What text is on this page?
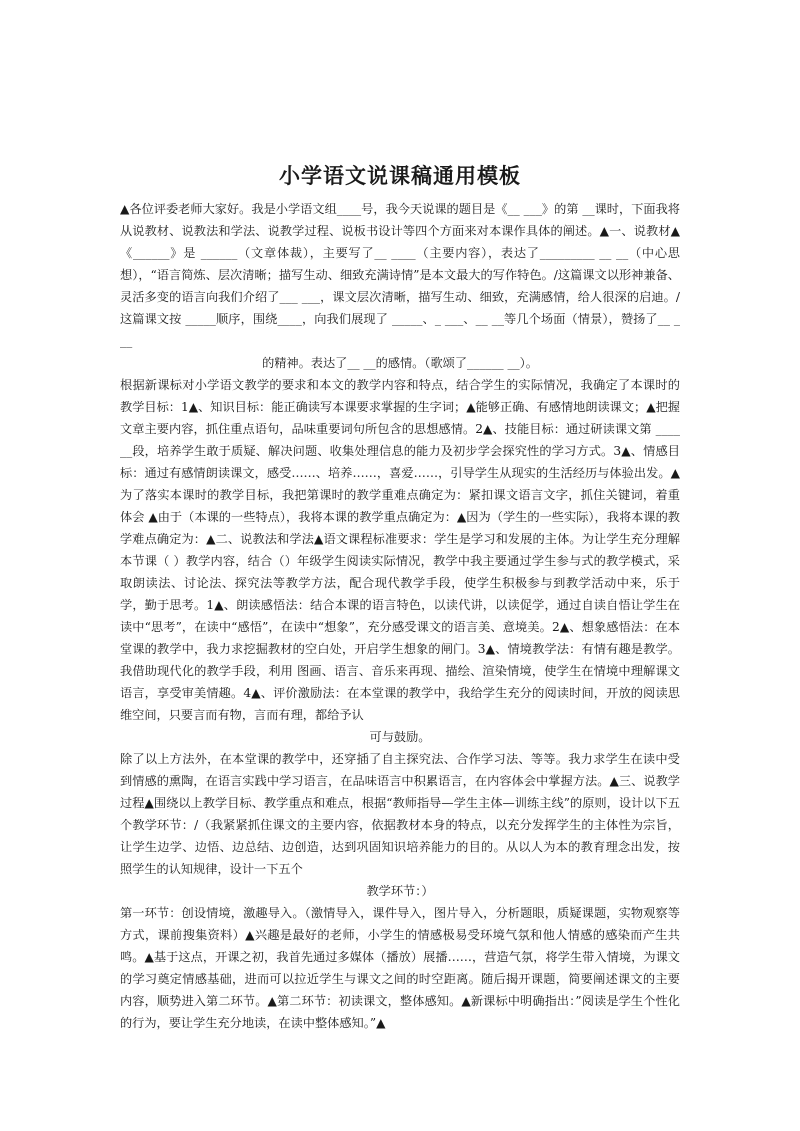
小学语文说课稿通用模板

▲各位评委老师大家好。我是小学语文组____号，我今天说课的题目是《__ ___》的第 __课时，下面我将从说教材、说教法和学法、说教学过程、说板书设计等四个方面来对本课作具体的阐述。▲一、说教材▲《______》是 ______（文章体裁），主要写了__ ____（主要内容），表达了_________ __ __（中心思想），“语言简炼、层次清晰；描写生动、细致充满诗情”是本文最大的写作特色。/这篇课文以形神兼备、灵活多变的语言向我们介绍了___ ___，课文层次清晰，描写生动、细致，充满感情，给人很深的启迪。/这篇课文按 _____顺序，围绕____，向我们展现了 _____、_ ___、__ __等几个场面（情景），赞扬了__ ___
的精神。表达了__ __的感情。（歌颂了______ __）。

根据新课标对小学语文教学的要求和本文的教学内容和特点，结合学生的实际情况，我确定了本课时的教学目标：1▲、知识目标：能正确读写本课要求掌握的生字词；▲能够正确、有感情地朗读课文；▲把握文章主要内容，抓住重点语句，品味重要词句所包含的思想感情。2▲、技能目标：通过研读课文第 ______段，培养学生敢于质疑、解决问题、收集处理信息的能力及初步学会探究性的学习方式。3▲、情感目标：通过有感情朗读课文，感受……、培养……，喜爱……，引导学生从现实的生活经历与体验出发。▲为了落实本课时的教学目标，我把第课时的教学重难点确定为：紧扣课文语言文字，抓住关键词，着重体会 ▲由于（本课的一些特点），我将本课的教学重点确定为：▲因为（学生的一些实际），我将本课的教学难点确定为：▲二、说教法和学法▲语文课程标准要求：学生是学习和发展的主体。为让学生充分理解本节课（ ）教学内容，结合（）年级学生阅读实际情况，教学中我主要通过学生参与式的教学模式，采取朗读法、讨论法、探究法等教学方法，配合现代教学手段，使学生积极参与到教学活动中来，乐于学，勤于思考。1▲、朗读感悟法：结合本课的语言特色，以读代讲，以读促学，通过自读自悟让学生在读中“思考”，在读中“感悟”，在读中“想象”，充分感受课文的语言美、意境美。2▲、想象感悟法：在本堂课的教学中，我力求挖掘教材的空白处，开启学生想象的闸门。3▲、情境教学法：有情有趣是教学。我借助现代化的教学手段，利用 图画、语言、音乐来再现、描绘、渲染情境，使学生在情境中理解课文语言，享受审美情趣。4▲、评价激励法：在本堂课的教学中，我给学生充分的阅读时间，开放的阅读思维空间，只要言而有物，言而有理，都给予认
可与鼓励。

除了以上方法外，在本堂课的教学中，还穿插了自主探究法、合作学习法、等等。我力求学生在读中受到情感的熏陶，在语言实践中学习语言，在品味语言中积累语言，在内容体会中掌握方法。▲三、说教学过程▲围绕以上教学目标、教学重点和难点，根据“教师指导—学生主体—训练主线”的原则，设计以下五个教学环节：/（我紧紧抓住课文的主要内容，依据教材本身的特点，以充分发挥学生的主体性为宗旨，让学生边学、边悟、边总结、边创造，达到巩固知识培养能力的目的。从以人为本的教育理念出发，按照学生的认知规律，设计一下五个
教学环节：）

第一环节：创设情境，激趣导入。（激情导入，课件导入，图片导入，分析题眼，质疑课题，实物观察等方式，课前搜集资料）▲兴趣是最好的老师，小学生的情感极易受环境气氛和他人情感的感染而产生共鸣。▲基于这点，开课之初，我首先通过多媒体（播放）展播……，营造气氛，将学生带入情境，为课文的学习奠定情感基础，进而可以拉近学生与课文之间的时空距离。随后揭开课题，简要阐述课文的主要内容，顺势进入第二环节。▲第二环节：初读课文，整体感知。▲新课标中明确指出：”阅读是学生个性化的行为，要让学生充分地读，在读中整体感知。”▲
